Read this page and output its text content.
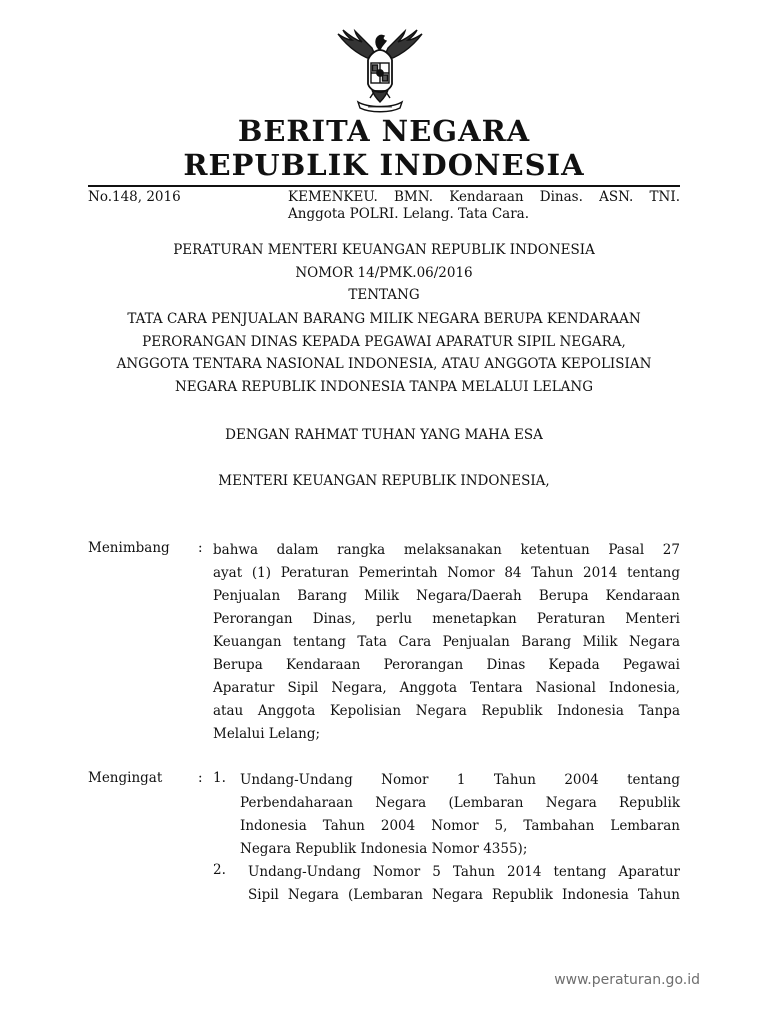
BERITA NEGARA
REPUBLIK INDONESIA
No.148, 2016	KEMENKEU. BMN. Kendaraan Dinas. ASN. TNI. Anggota POLRI. Lelang. Tata Cara.
PERATURAN MENTERI KEUANGAN REPUBLIK INDONESIA
NOMOR 14/PMK.06/2016
TENTANG
TATA CARA PENJUALAN BARANG MILIK NEGARA BERUPA KENDARAAN
PERORANGAN DINAS KEPADA PEGAWAI APARATUR SIPIL NEGARA,
ANGGOTA TENTARA NASIONAL INDONESIA, ATAU ANGGOTA KEPOLISIAN
NEGARA REPUBLIK INDONESIA TANPA MELALUI LELANG
DENGAN RAHMAT TUHAN YANG MAHA ESA
MENTERI KEUANGAN REPUBLIK INDONESIA,
Menimbang : bahwa dalam rangka melaksanakan ketentuan Pasal 27
ayat (1) Peraturan Pemerintah Nomor 84 Tahun 2014 tentang
Penjualan Barang Milik Negara/Daerah Berupa Kendaraan
Perorangan Dinas, perlu menetapkan Peraturan Menteri
Keuangan tentang Tata Cara Penjualan Barang Milik Negara
Berupa Kendaraan Perorangan Dinas Kepada Pegawai
Aparatur Sipil Negara, Anggota Tentara Nasional Indonesia,
atau Anggota Kepolisian Negara Republik Indonesia Tanpa
Melalui Lelang;
Mengingat	: 1. Undang-Undang Nomor 1 Tahun 2004 tentang
Perbendaharaan Negara (Lembaran Negara Republik
Indonesia Tahun 2004 Nomor 5, Tambahan Lembaran
Negara Republik Indonesia Nomor 4355);
2. Undang-Undang Nomor 5 Tahun 2014 tentang Aparatur
Sipil Negara (Lembaran Negara Republik Indonesia Tahun
www.peraturan.go.id
